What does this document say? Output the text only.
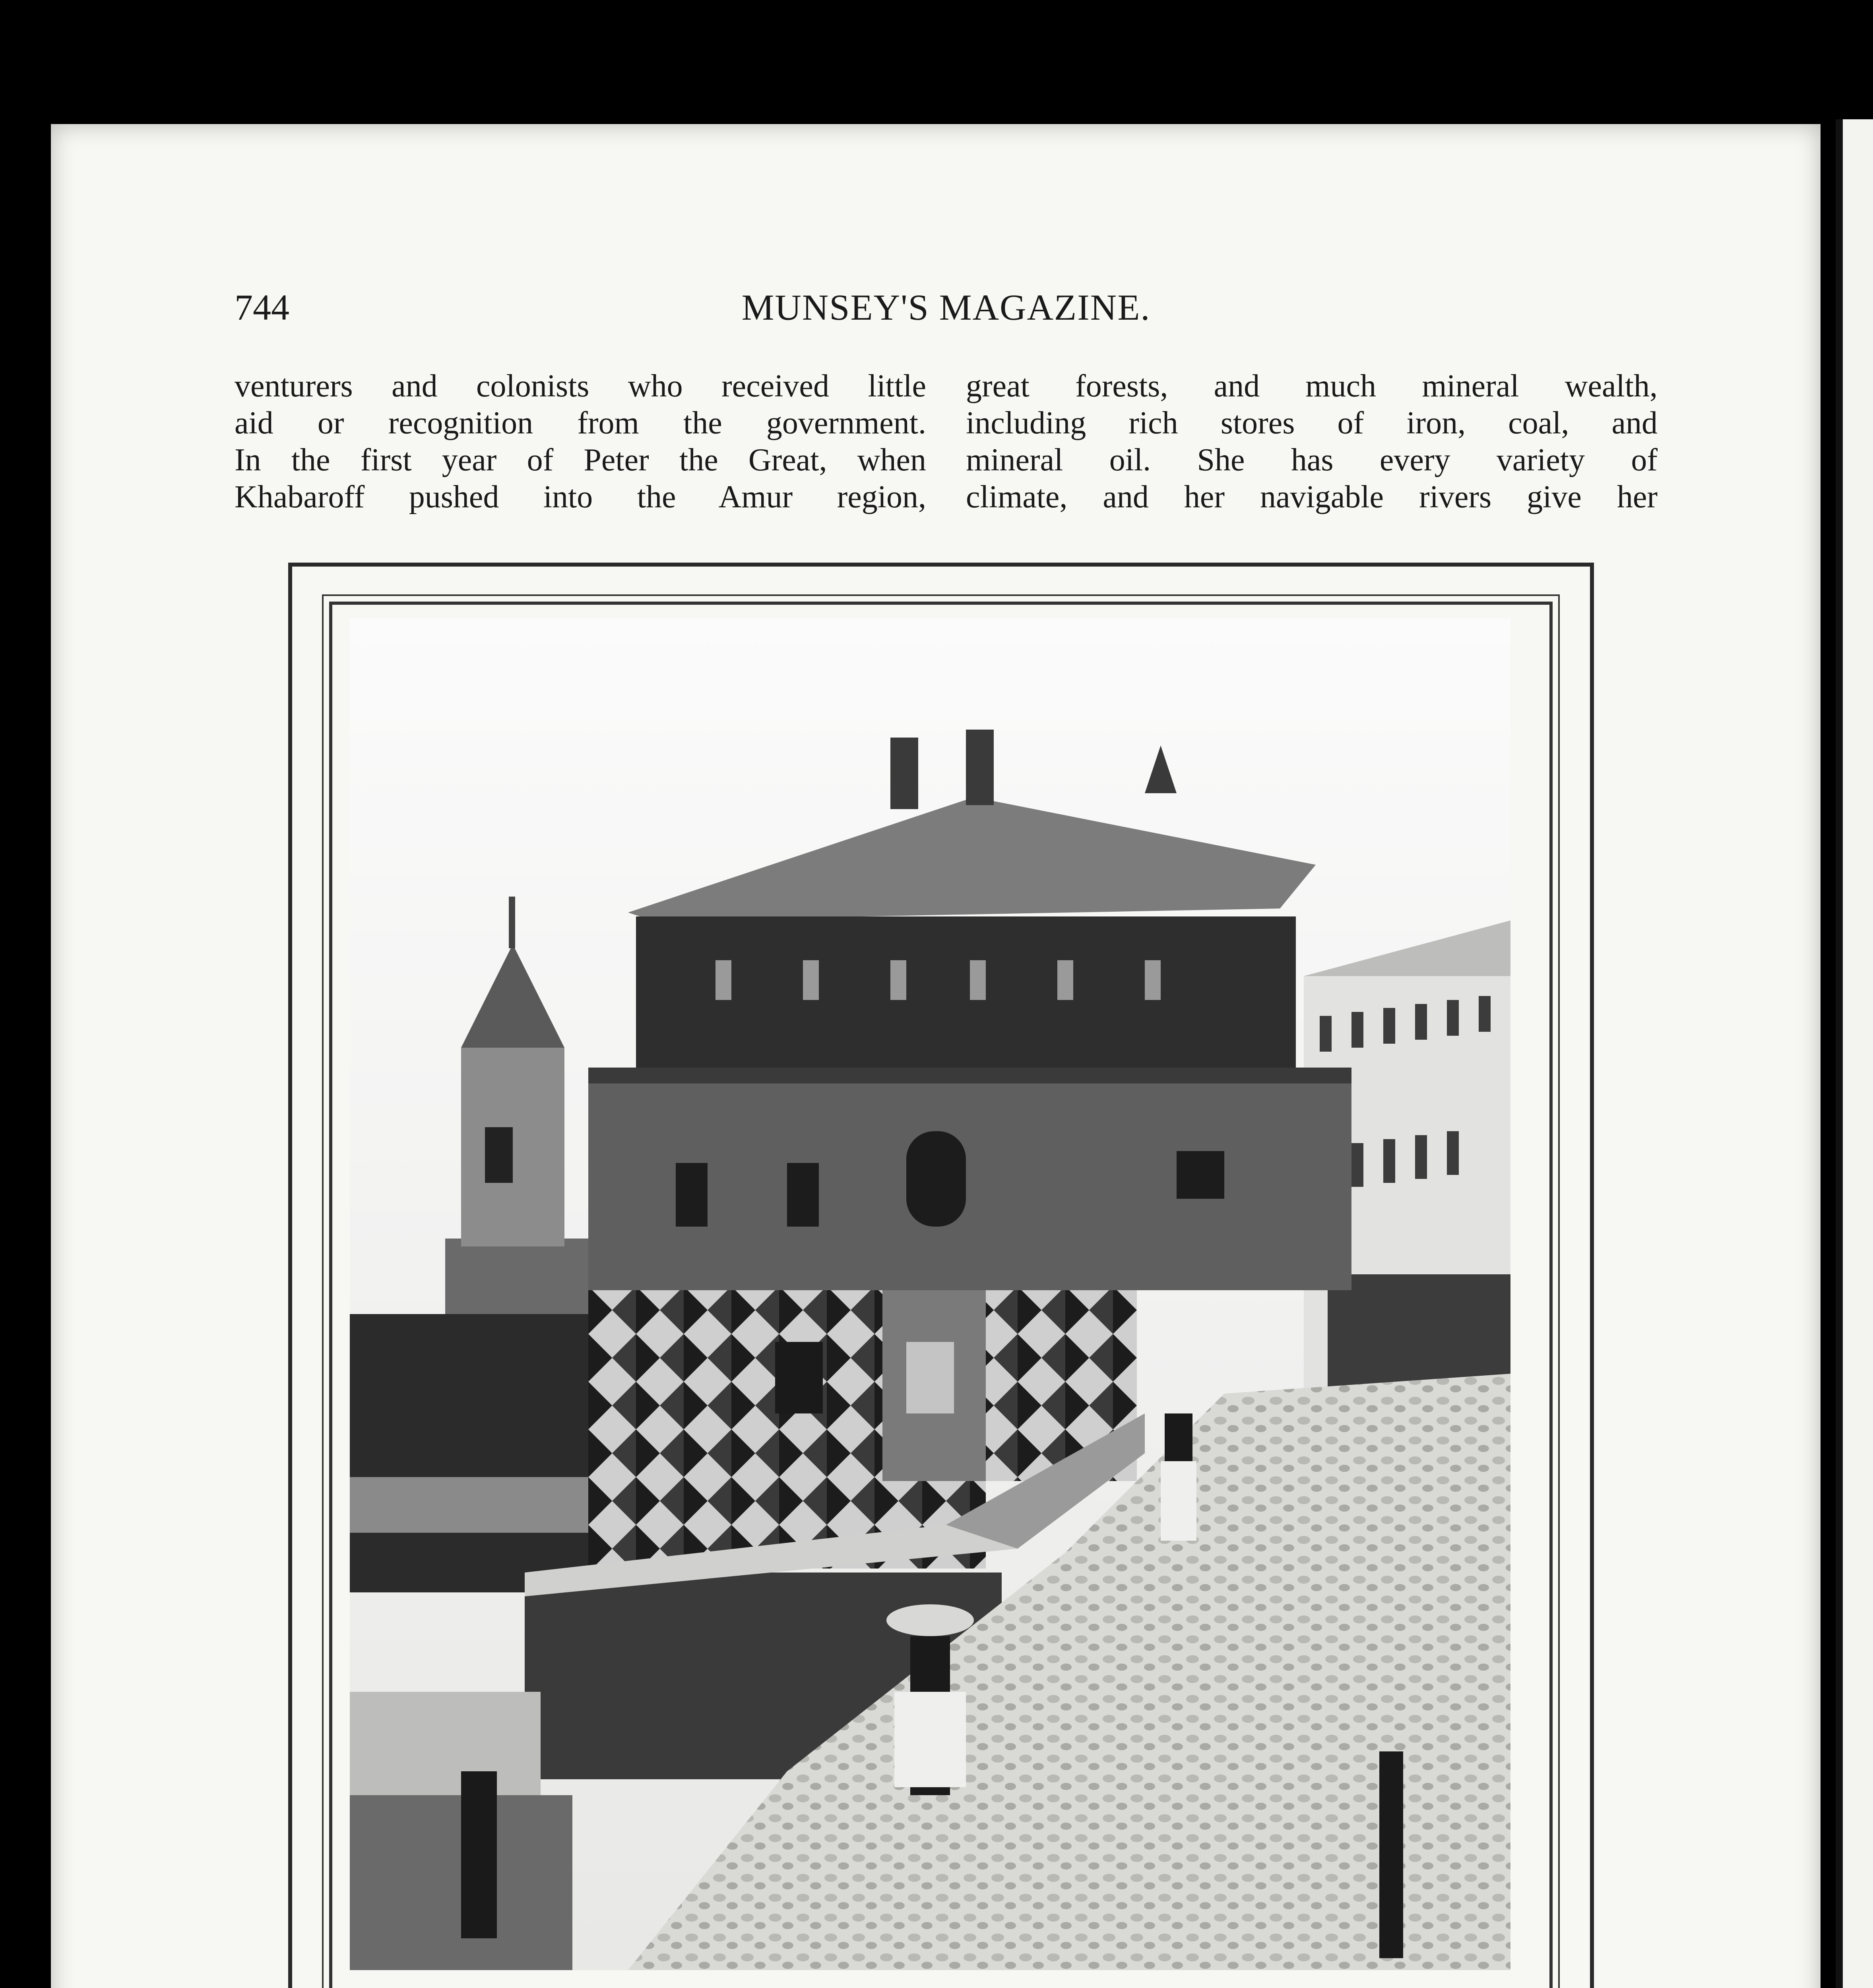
744	MUNSEY'S MAGAZINE.

venturers and colonists who received little

aid or recognition from the government.

In the first year of Peter the Great, when

Khabaroff pushed into the Amur region,

great forests, and much mineral wealth,

including rich stores of iron, coal, and

mineral oil. She has every variety of

climate, and her navigable rivers give her
